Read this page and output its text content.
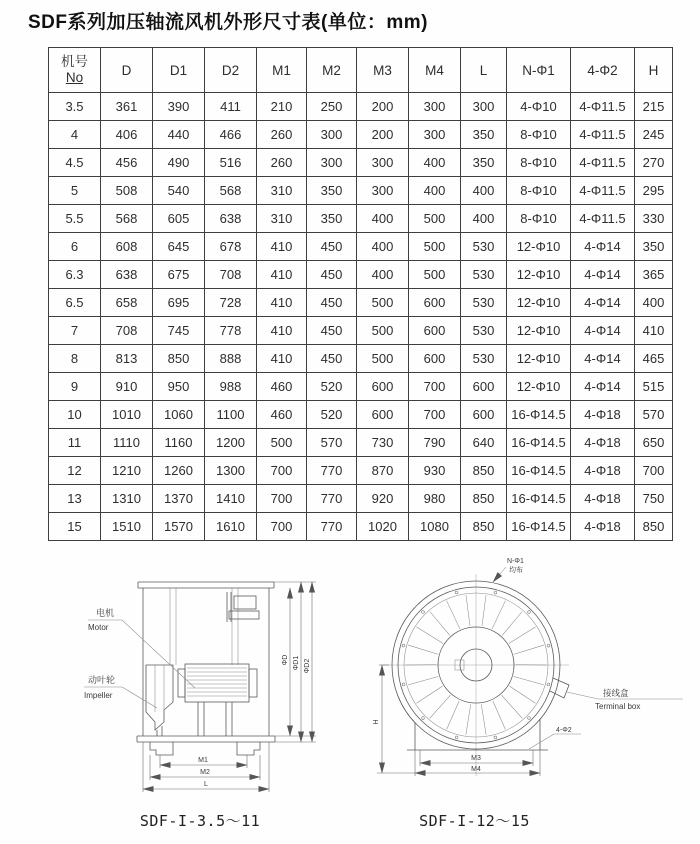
SDF系列加压轴流风机外形尺寸表(单位：mm)
机号
No	D	D1	D2	M1	M2	M3	M4	L	N-Φ1	4-Φ2	H
3.5	361	390	411	210	250	200	300	300	4-Φ10	4-Φ11.5	215
4	406	440	466	260	300	200	300	350	8-Φ10	4-Φ11.5	245
4.5	456	490	516	260	300	300	400	350	8-Φ10	4-Φ11.5	270
5	508	540	568	310	350	300	400	400	8-Φ10	4-Φ11.5	295
5.5	568	605	638	310	350	400	500	400	8-Φ10	4-Φ11.5	330
6	608	645	678	410	450	400	500	530	12-Φ10	4-Φ14	350
6.3	638	675	708	410	450	400	500	530	12-Φ10	4-Φ14	365
6.5	658	695	728	410	450	500	600	530	12-Φ10	4-Φ14	400
7	708	745	778	410	450	500	600	530	12-Φ10	4-Φ14	410
8	813	850	888	410	450	500	600	530	12-Φ10	4-Φ14	465
9	910	950	988	460	520	600	700	600	12-Φ10	4-Φ14	515
10	1010	1060	1100	460	520	600	700	600	16-Φ14.5	4-Φ18	570
11	1110	1160	1200	500	570	730	790	640	16-Φ14.5	4-Φ18	650
12	1210	1260	1300	700	770	870	930	850	16-Φ14.5	4-Φ18	700
13	1310	1370	1410	700	770	920	980	850	16-Φ14.5	4-Φ18	750
15	1510	1570	1610	700	770	1020	1080	850	16-Φ14.5	4-Φ18	850
M1
M2
L
ΦD ΦD1 ΦD2
电机
Motor
动叶轮
Impeller	接线盒
Terminal box
N-Φ1
均布
H
M3
M4
4-Φ2
SDF-I-3.5～11	SDF-I-12～15
